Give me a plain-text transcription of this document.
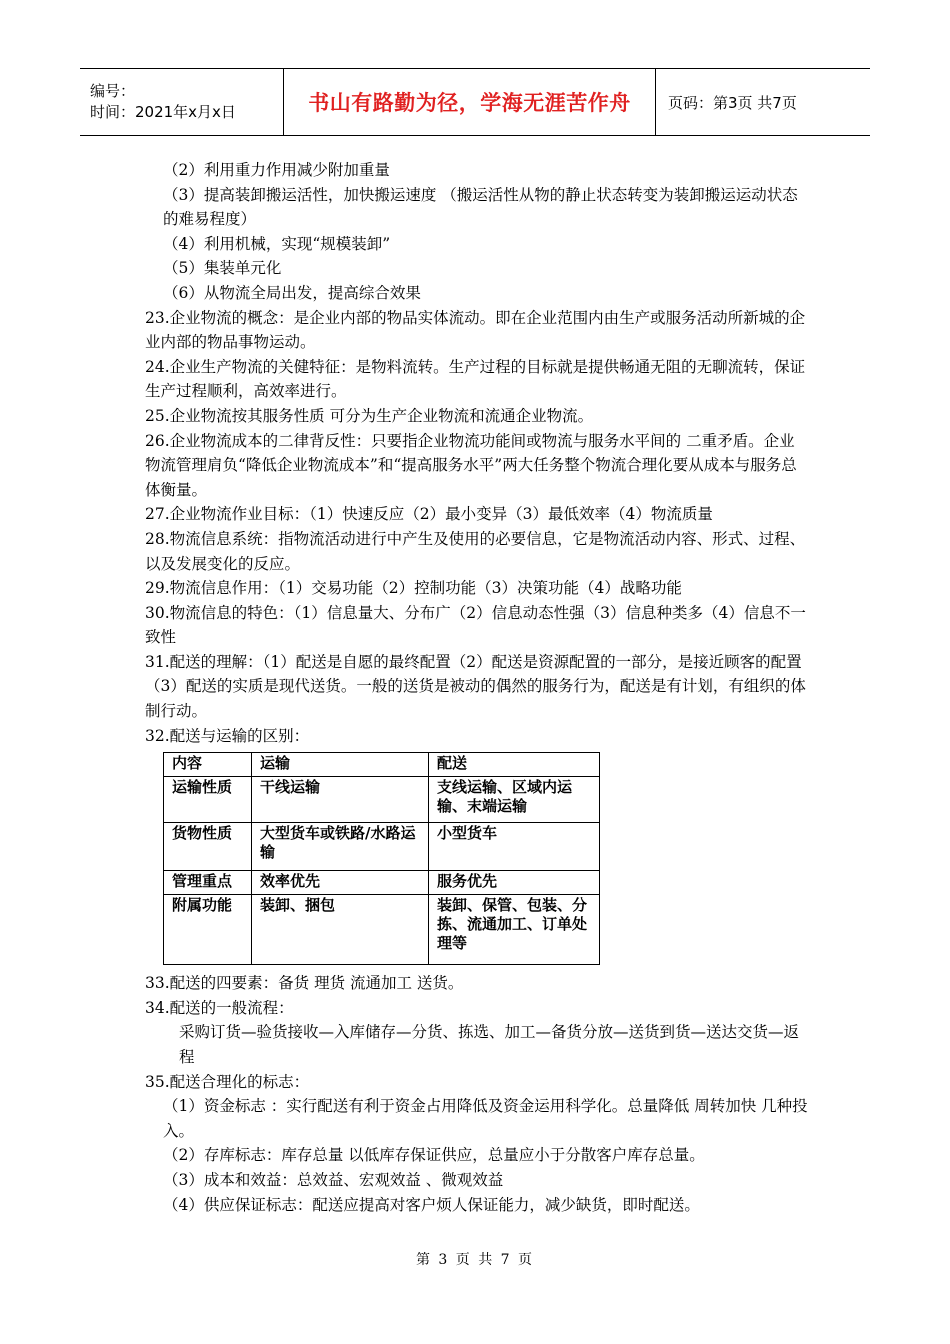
编号：
时间：2021年x月x日	书山有路勤为径，学海无涯苦作舟 页码：第3页 共7页

（2）利用重力作用减少附加重量

（3）提高装卸搬运活性，加快搬运速度 （搬运活性从物的静止状态转变为装卸搬运运动状态的难易程度）

（4）利用机械，实现“规模装卸”

（5）集装单元化

（6）从物流全局出发，提高综合效果

23.企业物流的概念：是企业内部的物品实体流动。即在企业范围内由生产或服务活动所新城的企业内部的物品事物运动。

24.企业生产物流的关健特征：是物料流转。生产过程的目标就是提供畅通无阻的无聊流转，保证生产过程顺利，高效率进行。

25.企业物流按其服务性质 可分为生产企业物流和流通企业物流。

26.企业物流成本的二律背反性：只要指企业物流功能间或物流与服务水平间的 二重矛盾。企业物流管理肩负“降低企业物流成本”和“提高服务水平”两大任务整个物流合理化要从成本与服务总体衡量。

27.企业物流作业目标：（1）快速反应（2）最小变异（3）最低效率（4）物流质量

28.物流信息系统：指物流活动进行中产生及使用的必要信息，它是物流活动内容、形式、过程、以及发展变化的反应。

29.物流信息作用：（1）交易功能（2）控制功能（3）决策功能（4）战略功能

30.物流信息的特色：（1）信息量大、分布广（2）信息动态性强（3）信息种类多（4）信息不一致性

31.配送的理解：（1）配送是自愿的最终配置（2）配送是资源配置的一部分，是接近顾客的配置（3）配送的实质是现代送货。一般的送货是被动的偶然的服务行为，配送是有计划，有组织的体制行动。

32.配送与运输的区别：

内容	运输	配送
运输性质	干线运输	支线运输、区域内运输、末端运输
货物性质	大型货车或铁路/水路运输	小型货车
管理重点	效率优先	服务优先
附属功能	装卸、捆包	装卸、保管、包装、分拣、流通加工、订单处理等

33.配送的四要素：备货 理货 流通加工 送货。

34.配送的一般流程：

采购订货—验货接收—入库储存—分货、拣选、加工—备货分放—送货到货—送达交货—返程

35.配送合理化的标志：

（1）资金标志 ：实行配送有利于资金占用降低及资金运用科学化。总量降低 周转加快 几种投入。

（2）存库标志：库存总量 以低库存保证供应，总量应小于分散客户库存总量。

（3）成本和效益：总效益、宏观效益 、微观效益

（4）供应保证标志：配送应提高对客户烦人保证能力，减少缺货，即时配送。

第 3 页 共 7 页
